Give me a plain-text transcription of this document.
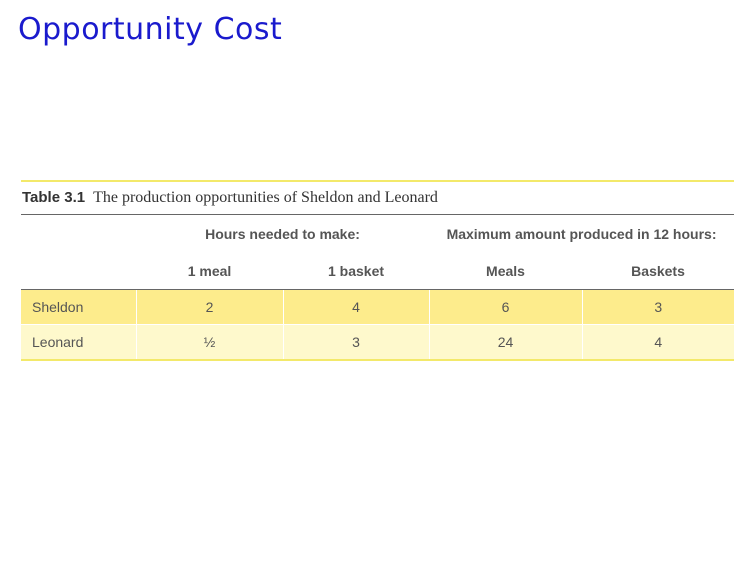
Opportunity Cost
Table 3.1 The production opportunities of Sheldon and Leonard
	Hours needed to make:		Maximum amount produced in 12 hours:	
	1 meal	1 basket	Meals	Baskets
Sheldon	2	4	6	3
Leonard	½	3	24	4
